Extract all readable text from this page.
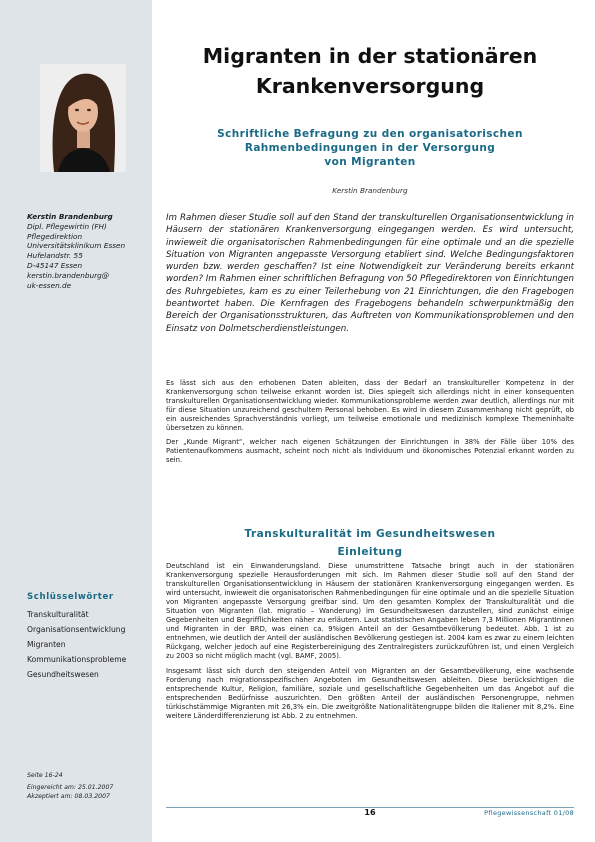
Kerstin Brandenburg
Dipl. Pflegewirtin (FH)
Pflegedirektion
Universitätsklinikum Essen
Hufelandstr. 55
D-45147 Essen
kerstin.brandenburg@
uk-essen.de
Schlüsselwörter
Transkulturalität
Organisationsentwicklung
Migranten
Kommunikationsprobleme
Gesundheitswesen
Seite 16-24
Eingereicht am: 25.01.2007
Akzeptiert am: 08.03.2007
Migranten in der stationären
Krankenversorgung
Schriftliche Befragung zu den organisatorischen
Rahmenbedingungen in der Versorgung
von Migranten
Kerstin Brandenburg
Im Rahmen dieser Studie soll auf den Stand der transkulturellen Organisationsentwicklung in Häusern der stationären Krankenversorgung eingegangen werden. Es wird untersucht, inwieweit die organisatorischen Rahmenbedingungen für eine optimale und an die spezielle Situation von Migranten angepasste Versorgung etabliert sind. Welche Bedingungsfaktoren wurden bzw. werden geschaffen? Ist eine Notwendigkeit zur Veränderung bereits erkannt worden? Im Rahmen einer schriftlichen Befragung von 50 Pflegedirektoren von Einrichtungen des Ruhrgebietes, kam es zu einer Teilerhebung von 21 Einrichtungen, die den Fragebogen beantwortet haben. Die Kernfragen des Fragebogens behandeln schwerpunktmäßig den Bereich der Organisationsstrukturen, das Auftreten von Kommunikationsproblemen und den Einsatz von Dolmetscherdienstleistungen.

Es lässt sich aus den erhobenen Daten ableiten, dass der Bedarf an transkultureller Kompetenz in der Krankenversorgung schon teilweise erkannt worden ist. Dies spiegelt sich allerdings nicht in einer konsequenten transkulturellen Organisationsentwicklung wieder. Kommunikationsprobleme werden zwar deutlich, allerdings nur mit für diese Situation unzureichend geschultem Personal behoben. Es wird in diesem Zusammenhang nicht geprüft, ob ein ausreichendes Sprachverständnis vorliegt, um teilweise emotionale und medizinisch komplexe Themeninhalte übersetzen zu können.

Der „Kunde Migrant“, welcher nach eigenen Schätzungen der Einrichtungen in 38% der Fälle über 10% des Patientenaufkommens ausmacht, scheint noch nicht als Individuum und ökonomisches Potenzial erkannt worden zu sein.

Transkulturalität im Gesundheitswesen
Einleitung

Deutschland ist ein Einwanderungsland. Diese unumstrittene Tatsache bringt auch in der stationären Krankenversorgung spezielle Herausforderungen mit sich. Im Rahmen dieser Studie soll auf den Stand der transkulturellen Organisationsentwicklung in Häusern der stationären Krankenversorgung eingegangen werden. Es wird untersucht, inwieweit die organisatorischen Rahmenbedingungen für eine optimale und an die spezielle Situation von Migranten angepasste Versorgung greifbar sind. Um den gesamten Komplex der Transkulturalität und die Situation von Migranten (lat. migratio – Wanderung) im Gesundheitswesen darzustellen, sind zunächst einige Gegebenheiten und Begrifflichkeiten näher zu erläutern. Laut statistischen Angaben leben 7,3 Millionen MigrantInnen und Migranten in der BRD, was einen ca. 9%igen Anteil an der Gesamtbevölkerung bedeutet. Abb. 1 ist zu entnehmen, wie deutlich der Anteil der ausländischen Bevölkerung gestiegen ist. 2004 kam es zwar zu einem leichten Rückgang, welcher jedoch auf eine Registerbereinigung des Zentralregisters zurückzuführen ist, und einen Vergleich zu 2003 so nicht möglich macht (vgl. BAMF, 2005).

Insgesamt lässt sich durch den steigenden Anteil von Migranten an der Gesamtbevölkerung, eine wachsende Forderung nach migrationsspezifischen Angeboten im Gesundheitswesen ableiten. Diese berücksichtigen die entsprechende Kultur, Religion, familiäre, soziale und gesellschaftliche Gegebenheiten um das Angebot auf die entsprechenden Bedürfnisse auszurichten. Den größten Anteil der ausländischen Personengruppe, nehmen türkischstämmige Migranten mit 26,3% ein. Die zweitgrößte Nationalitätengruppe bilden die Italiener mit 8,2%. Eine weitere Länderdifferenzierung ist Abb. 2 zu entnehmen.

16	Pflegewissenschaft 01/08
